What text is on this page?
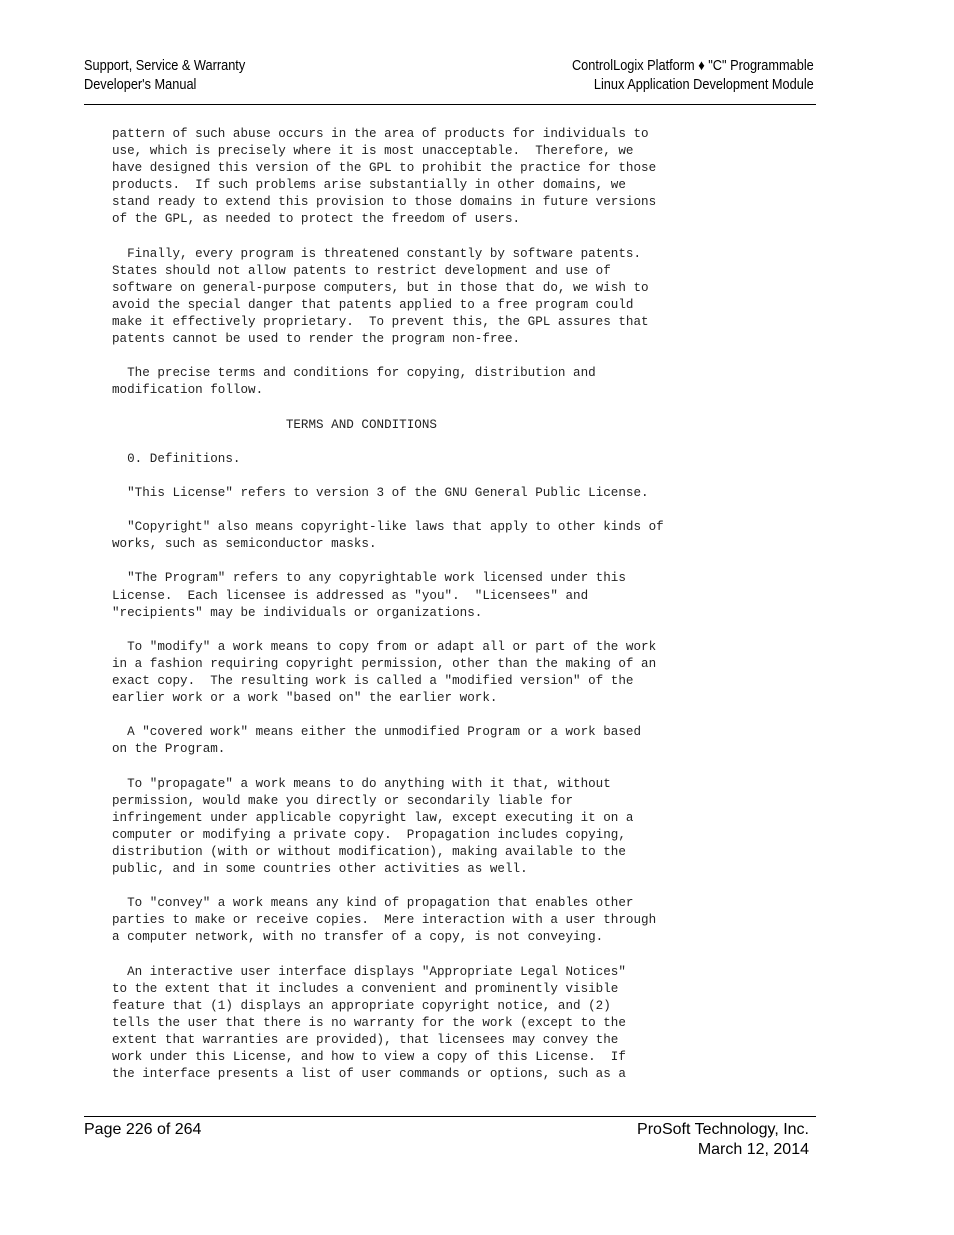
Support, Service & Warranty
Developer's Manual
ControlLogix Platform ♦ "C" Programmable
Linux Application Development Module
pattern of such abuse occurs in the area of products for individuals to
use, which is precisely where it is most unacceptable.  Therefore, we
have designed this version of the GPL to prohibit the practice for those
products.  If such problems arise substantially in other domains, we
stand ready to extend this provision to those domains in future versions
of the GPL, as needed to protect the freedom of users.

Finally, every program is threatened constantly by software patents.
States should not allow patents to restrict development and use of
software on general-purpose computers, but in those that do, we wish to
avoid the special danger that patents applied to a free program could
make it effectively proprietary.  To prevent this, the GPL assures that
patents cannot be used to render the program non-free.

The precise terms and conditions for copying, distribution and
modification follow.

TERMS AND CONDITIONS

0. Definitions.

"This License" refers to version 3 of the GNU General Public License.

"Copyright" also means copyright-like laws that apply to other kinds of
works, such as semiconductor masks.

"The Program" refers to any copyrightable work licensed under this
License.  Each licensee is addressed as "you".  "Licensees" and
"recipients" may be individuals or organizations.

To "modify" a work means to copy from or adapt all or part of the work
in a fashion requiring copyright permission, other than the making of an
exact copy.  The resulting work is called a "modified version" of the
earlier work or a work "based on" the earlier work.

A "covered work" means either the unmodified Program or a work based
on the Program.

To "propagate" a work means to do anything with it that, without
permission, would make you directly or secondarily liable for
infringement under applicable copyright law, except executing it on a
computer or modifying a private copy.  Propagation includes copying,
distribution (with or without modification), making available to the
public, and in some countries other activities as well.

To "convey" a work means any kind of propagation that enables other
parties to make or receive copies.  Mere interaction with a user through
a computer network, with no transfer of a copy, is not conveying.

An interactive user interface displays "Appropriate Legal Notices"
to the extent that it includes a convenient and prominently visible
feature that (1) displays an appropriate copyright notice, and (2)
tells the user that there is no warranty for the work (except to the
extent that warranties are provided), that licensees may convey the
work under this License, and how to view a copy of this License.  If
the interface presents a list of user commands or options, such as a
Page 226 of 264	ProSoft Technology, Inc.
March 12, 2014
